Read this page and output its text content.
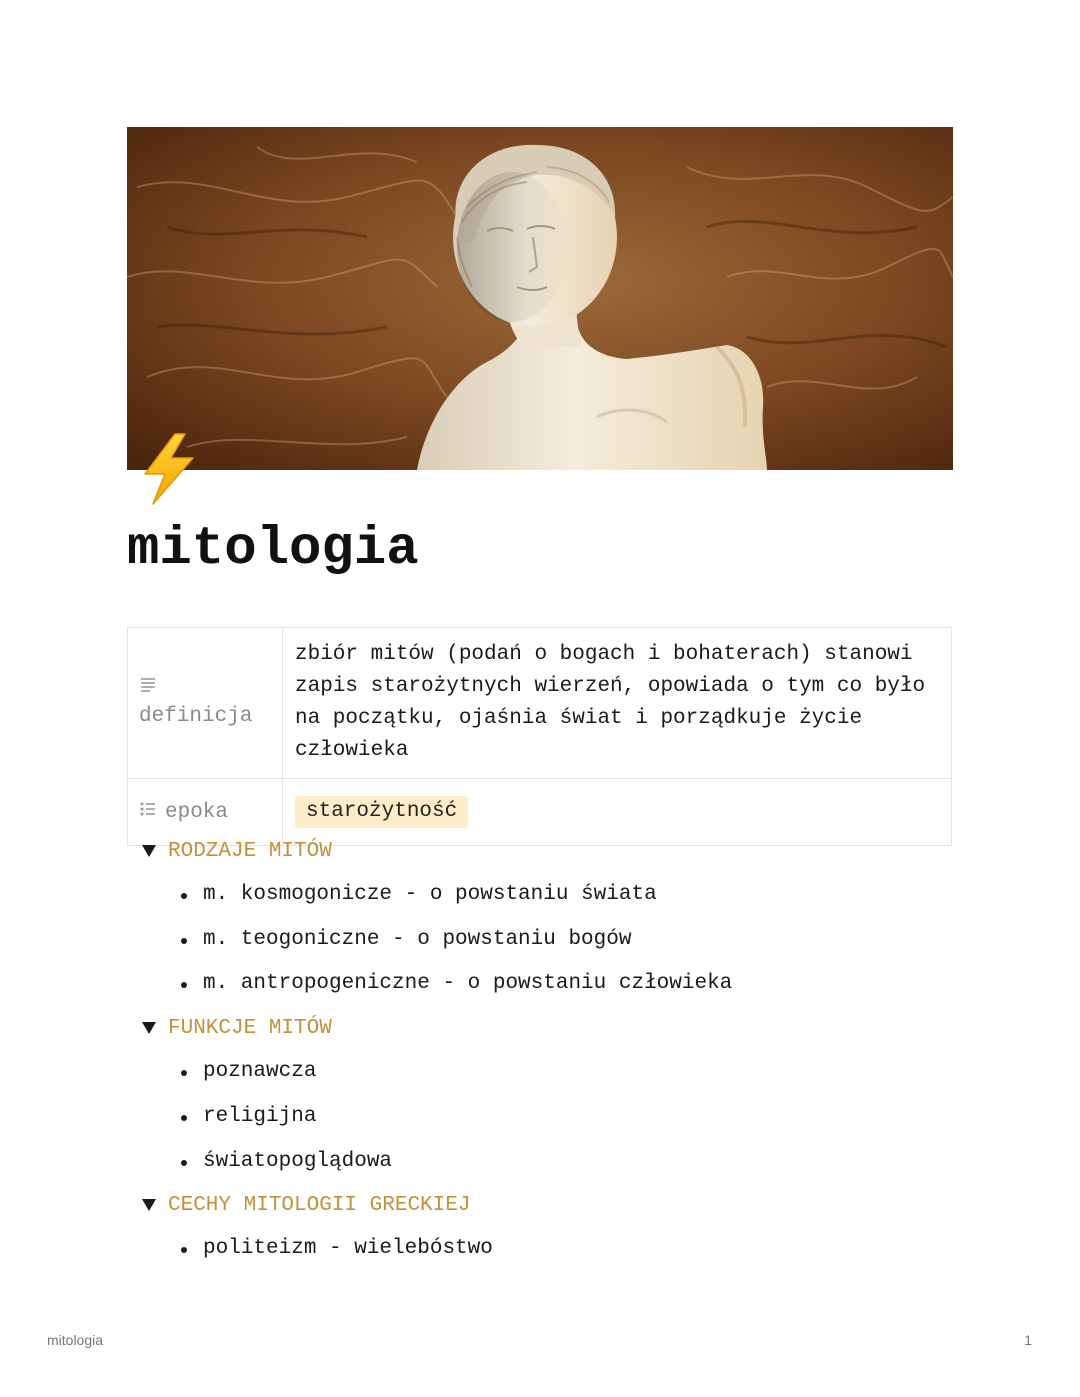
mitologia
definicja	zbiór mitów (podań o bogach i bohaterach) stanowi zapis starożytnych wierzeń, opowiada o tym co było na początku, ojaśnia świat i porządkuje życie człowieka

epoka	starożytność
RODZAJE MITÓW
m. kosmogonicze - o powstaniu świata
m. teogoniczne - o powstaniu bogów
m. antropogeniczne - o powstaniu człowieka
FUNKCJE MITÓW
poznawcza
religijna
światopoglądowa
CECHY MITOLOGII GRECKIEJ
politeizm - wielebóstwo
mitologia	1
